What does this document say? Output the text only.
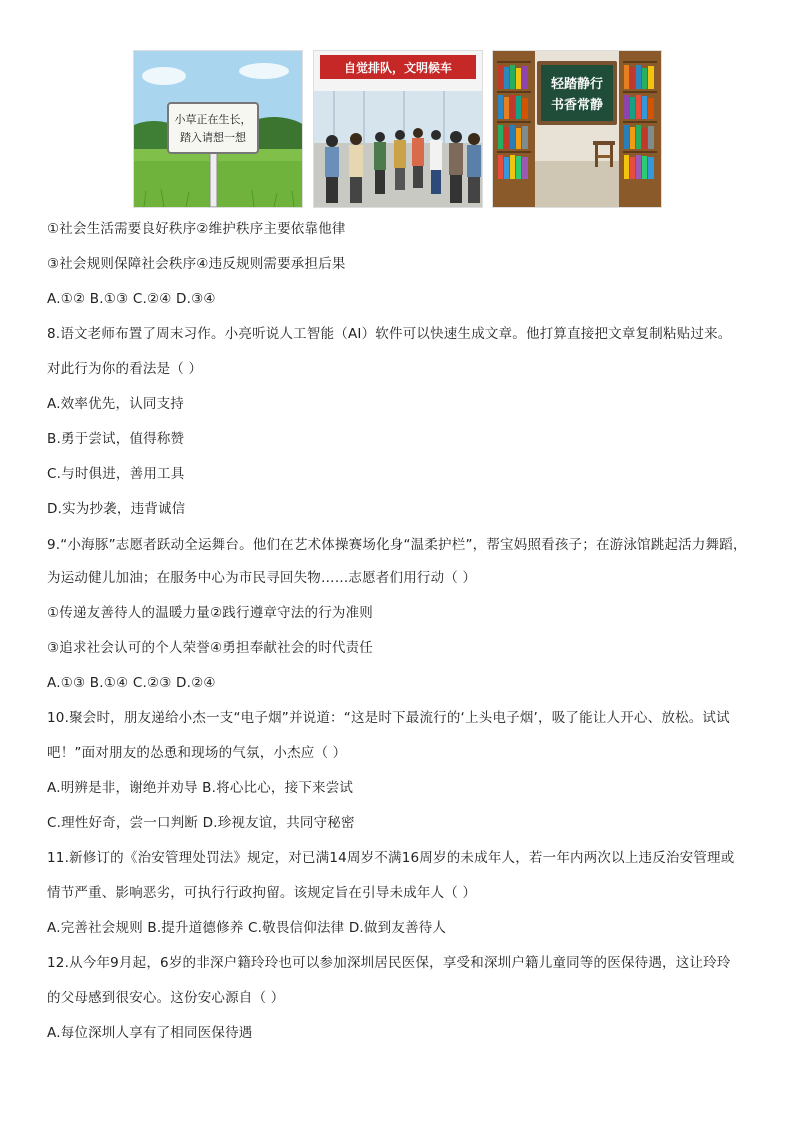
小草正在生长，
踏入请想一想
自觉排队，文明候车
轻踏静行
书香常静
①社会生活需要良好秩序②维护秩序主要依靠他律
③社会规则保障社会秩序④违反规则需要承担后果
A.①② B.①③ C.②④ D.③④
8.语文老师布置了周末习作。小亮听说人工智能（AI）软件可以快速生成文章。他打算直接把文章复制粘贴过来。
对此行为你的看法是（ ）
A.效率优先，认同支持
B.勇于尝试，值得称赞
C.与时俱进，善用工具
D.实为抄袭，违背诚信
9.“小海豚”志愿者跃动全运舞台。他们在艺术体操赛场化身“温柔护栏”，帮宝妈照看孩子；在游泳馆跳起活力舞蹈，
为运动健儿加油；在服务中心为市民寻回失物……志愿者们用行动（ ）
①传递友善待人的温暖力量②践行遵章守法的行为准则
③追求社会认可的个人荣誉④勇担奉献社会的时代责任
A.①③ B.①④ C.②③ D.②④
10.聚会时，朋友递给小杰一支“电子烟”并说道：“这是时下最流行的‘上头电子烟’，吸了能让人开心、放松。试试
吧！”面对朋友的怂恿和现场的气氛，小杰应（ ）
A.明辨是非，谢绝并劝导 B.将心比心，接下来尝试
C.理性好奇，尝一口判断 D.珍视友谊，共同守秘密
11.新修订的《治安管理处罚法》规定，对已满14周岁不满16周岁的未成年人，若一年内两次以上违反治安管理或
情节严重、影响恶劣，可执行行政拘留。该规定旨在引导未成年人（ ）
A.完善社会规则 B.提升道德修养 C.敬畏信仰法律 D.做到友善待人
12.从今年9月起，6岁的非深户籍玲玲也可以参加深圳居民医保，享受和深圳户籍儿童同等的医保待遇，这让玲玲
的父母感到很安心。这份安心源自（ ）
A.每位深圳人享有了相同医保待遇
